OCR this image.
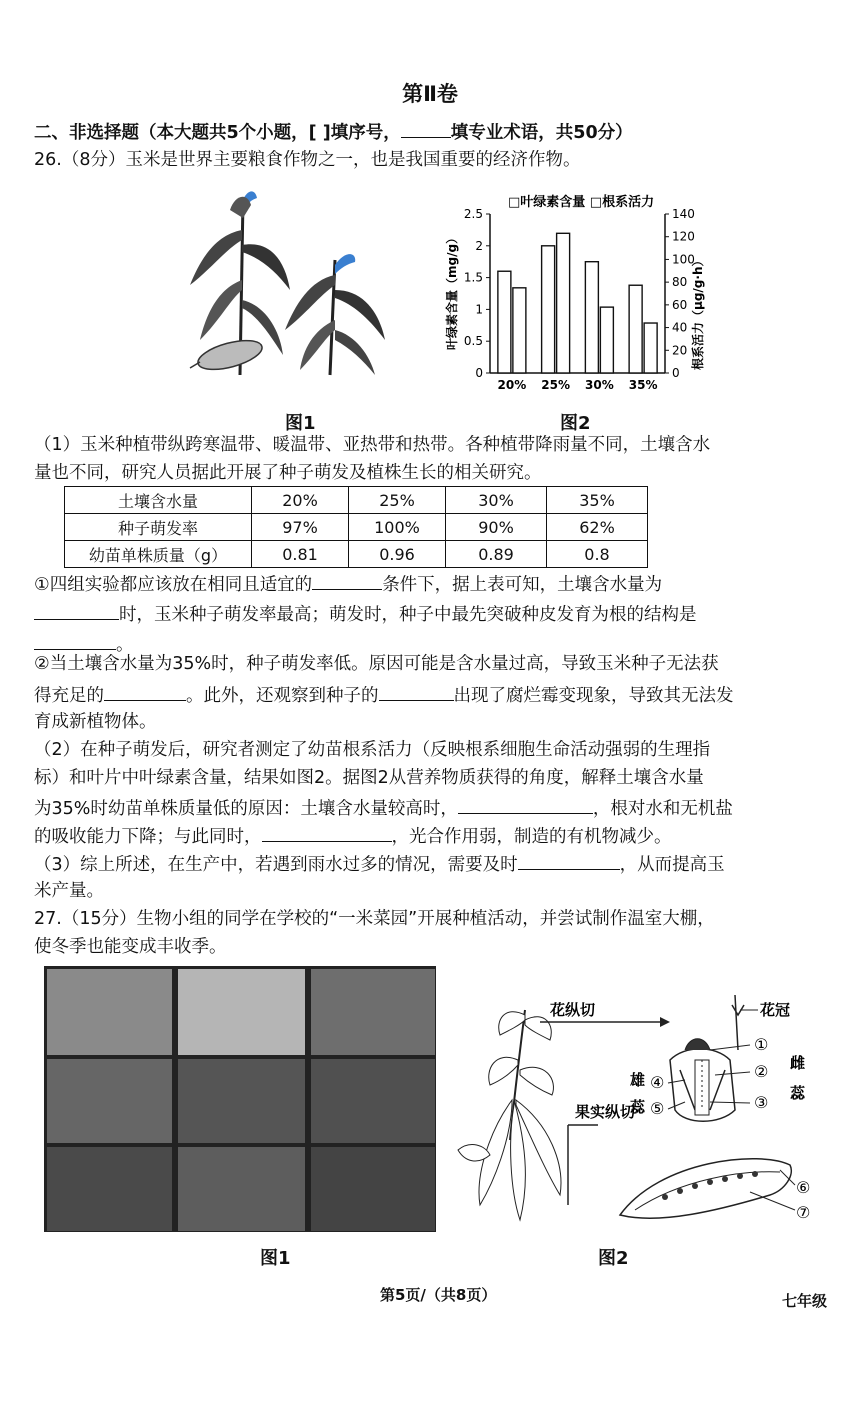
第Ⅱ卷
二、非选择题（本大题共5个小题，[ ]填序号，	填专业术语，共50分）
26.（8分）玉米是世界主要粮食作物之一，也是我国重要的经济作物。
□叶绿素含量 □根系活力
0
0.5
1
1.5
2
2.5
0
20
40
60
80
100
120
140
20% 25% 30% 35%
叶绿素含量（mg/g）	根系活力（μg/g·h）
图1	图2
（1）玉米种植带纵跨寒温带、暖温带、亚热带和热带。各种植带降雨量不同，土壤含水
量也不同，研究人员据此开展了种子萌发及植株生长的相关研究。
土壤含水量	20%	25%	30%	35%
种子萌发率	97%	100%	90%	62%
幼苗单株质量（g）	0.81	0.96	0.89	0.8
①四组实验都应该放在相同且适宜的	条件下，据上表可知，土壤含水量为
时，玉米种子萌发率最高；萌发时，种子中最先突破种皮发育为根的结构是
。
②当土壤含水量为35%时，种子萌发率低。原因可能是含水量过高，导致玉米种子无法获
得充足的	。此外，还观察到种子的	出现了腐烂霉变现象，导致其无法发
育成新植物体。
（2）在种子萌发后，研究者测定了幼苗根系活力（反映根系细胞生命活动强弱的生理指
标）和叶片中叶绿素含量，结果如图2。据图2从营养物质获得的角度，解释土壤含水量
为35%时幼苗单株质量低的原因：土壤含水量较高时，	，根对水和无机盐
的吸收能力下降；与此同时，	，光合作用弱，制造的有机物减少。
（3）综上所述，在生产中，若遇到雨水过多的情况，需要及时	，从而提高玉
米产量。
27.（15分）生物小组的同学在学校的“一米菜园”开展种植活动，并尝试制作温室大棚，
使冬季也能变成丰收季。
花纵切
果实纵切
花冠
①
②
③
雌
蕊
雄
蕊
④
⑤
⑥
⑦
图1	图2
第5页/（共8页）	七年级
